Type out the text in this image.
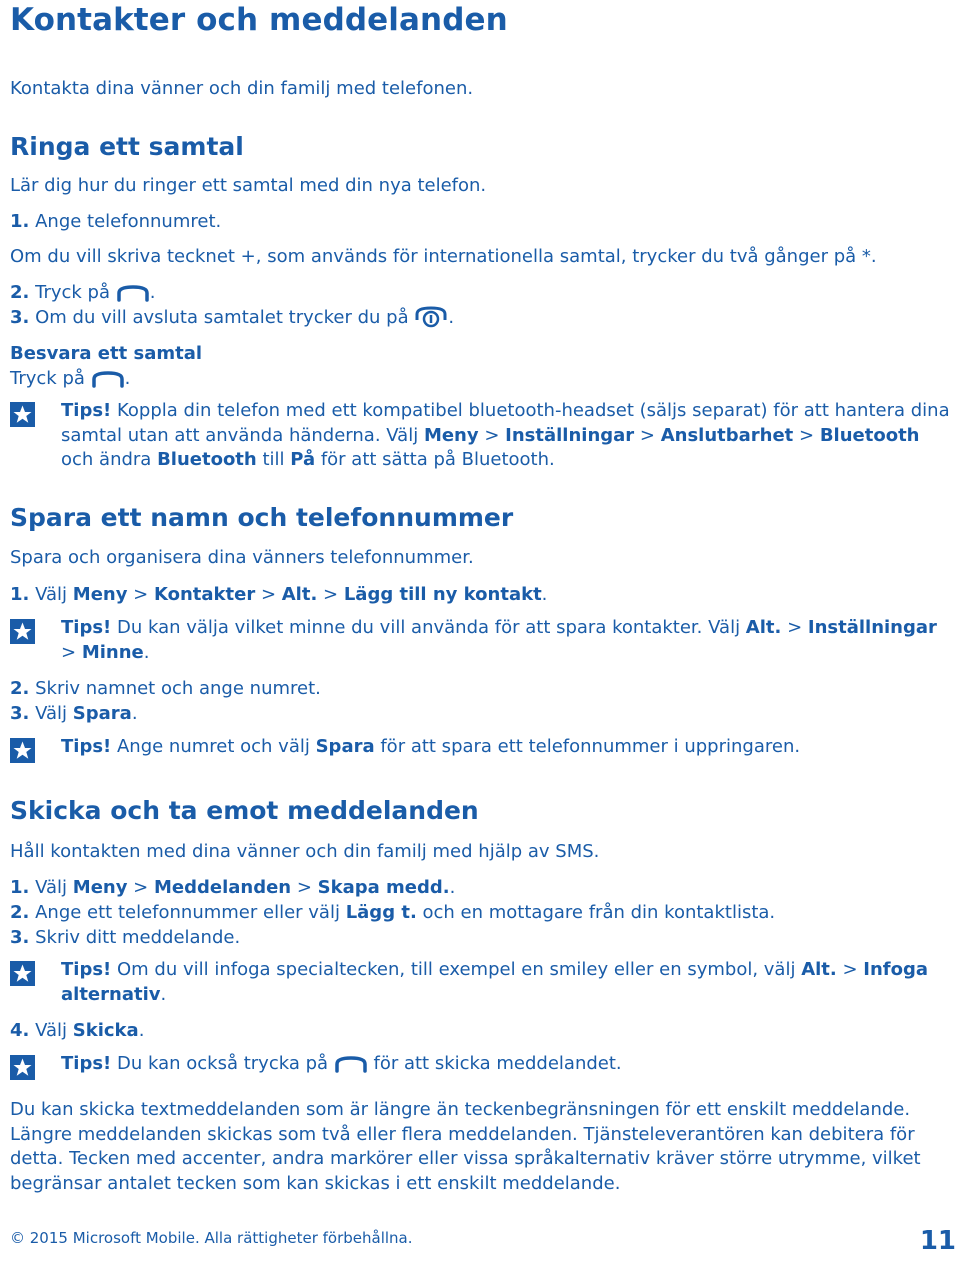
Kontakter och meddelanden

Kontakta dina vänner och din familj med telefonen.

Ringa ett samtal

Lär dig hur du ringer ett samtal med din nya telefon.

1. Ange telefonnumret.

Om du vill skriva tecknet +, som används för internationella samtal, trycker du två gånger på *.

2. Tryck på .

3. Om du vill avsluta samtalet trycker du på .

Besvara ett samtal

Tryck på .

Tips! Koppla din telefon med ett kompatibel bluetooth-headset (säljs separat) för att hantera dina samtal utan att använda händerna. Välj Meny > Inställningar > Anslutbarhet > Bluetooth och ändra Bluetooth till På för att sätta på Bluetooth.
Spara ett namn och telefonnummer

Spara och organisera dina vänners telefonnummer.

1. Välj Meny > Kontakter > Alt. > Lägg till ny kontakt.

Tips! Du kan välja vilket minne du vill använda för att spara kontakter. Välj Alt. > Inställningar > Minne.

2. Skriv namnet och ange numret.

3. Välj Spara.

Tips! Ange numret och välj Spara för att spara ett telefonnummer i uppringaren.
Skicka och ta emot meddelanden

Håll kontakten med dina vänner och din familj med hjälp av SMS.

1. Välj Meny > Meddelanden > Skapa medd..

2. Ange ett telefonnummer eller välj Lägg t. och en mottagare från din kontaktlista.

3. Skriv ditt meddelande.

Tips! Om du vill infoga specialtecken, till exempel en smiley eller en symbol, välj Alt. > Infoga alternativ.

4. Välj Skicka.

Tips! Du kan också trycka på  för att skicka meddelandet.

Du kan skicka textmeddelanden som är längre än teckenbegränsningen för ett enskilt meddelande. Längre meddelanden skickas som två eller flera meddelanden. Tjänsteleverantören kan debitera för detta. Tecken med accenter, andra markörer eller vissa språkalternativ kräver större utrymme, vilket begränsar antalet tecken som kan skickas i ett enskilt meddelande.

© 2015 Microsoft Mobile. Alla rättigheter förbehållna.	11
